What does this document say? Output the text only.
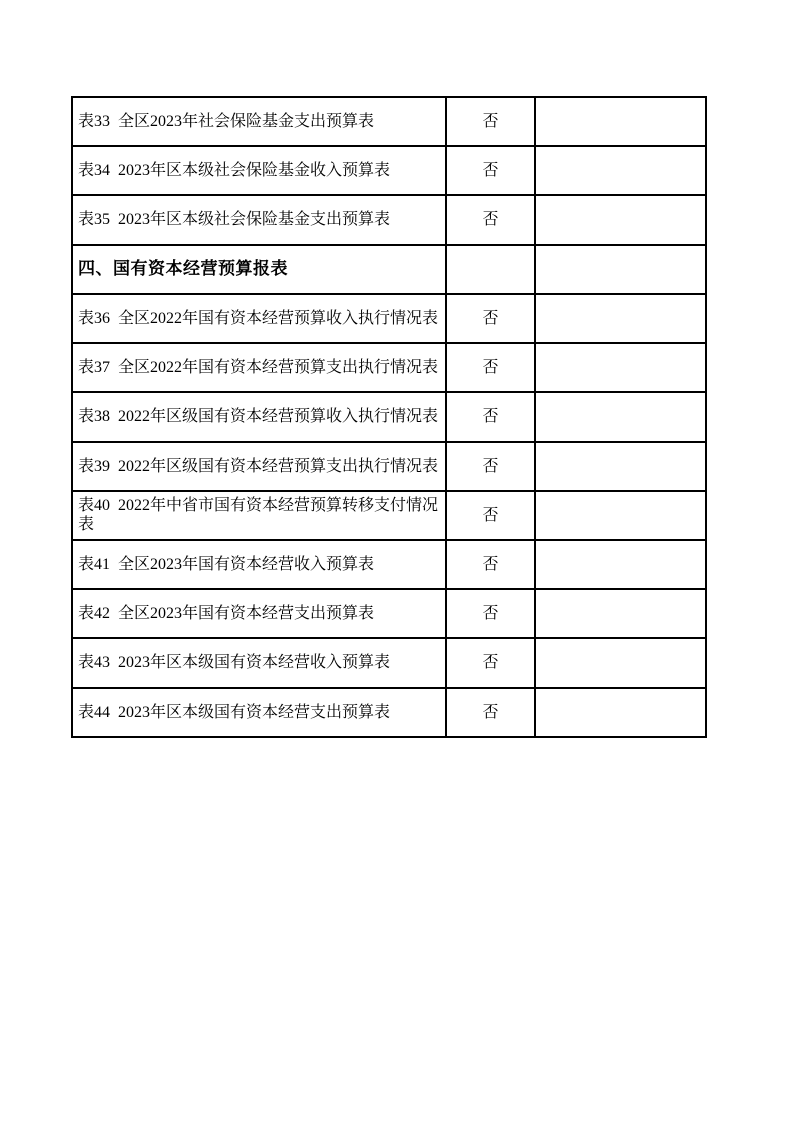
表33  全区2023年社会保险基金支出预算表	否	
表34  2023年区本级社会保险基金收入预算表	否	
表35  2023年区本级社会保险基金支出预算表	否	
四、国有资本经营预算报表		
表36  全区2022年国有资本经营预算收入执行情况表	否	
表37  全区2022年国有资本经营预算支出执行情况表	否	
表38  2022年区级国有资本经营预算收入执行情况表	否	
表39  2022年区级国有资本经营预算支出执行情况表	否	
表40  2022年中省市国有资本经营预算转移支付情况表	否	
表41  全区2023年国有资本经营收入预算表	否	
表42  全区2023年国有资本经营支出预算表	否	
表43  2023年区本级国有资本经营收入预算表	否	
表44  2023年区本级国有资本经营支出预算表	否	
